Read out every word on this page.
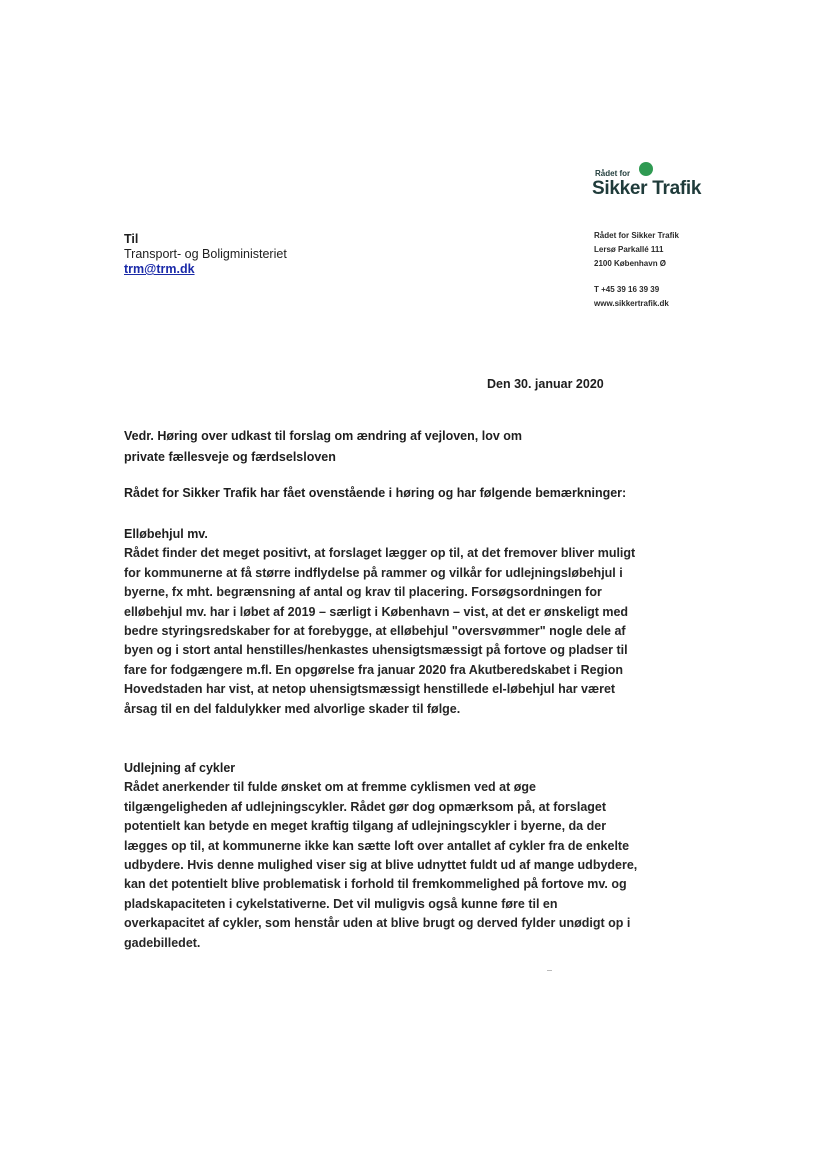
Rådet for
Sikker Trafik
Til
Transport- og Boligministeriet
trm@trm.dk
Rådet for Sikker Trafik
Lersø Parkallé 111
2100 København Ø
T +45 39 16 39 39
www.sikkertrafik.dk
Den 30. januar 2020
Vedr. Høring over udkast til forslag om ændring af vejloven, lov om
private fællesveje og færdselsloven
Rådet for Sikker Trafik har fået ovenstående i høring og har følgende bemærkninger:
Elløbehjul mv.
Rådet finder det meget positivt, at forslaget lægger op til, at det fremover bliver muligt
for kommunerne at få større indflydelse på rammer og vilkår for udlejningsløbehjul i
byerne, fx mht. begrænsning af antal og krav til placering. Forsøgsordningen for
elløbehjul mv. har i løbet af 2019 – særligt i København – vist, at det er ønskeligt med
bedre styringsredskaber for at forebygge, at elløbehjul "oversvømmer" nogle dele af
byen og i stort antal henstilles/henkastes uhensigtsmæssigt på fortove og pladser til
fare for fodgængere m.fl. En opgørelse fra januar 2020 fra Akutberedskabet i Region
Hovedstaden har vist, at netop uhensigtsmæssigt henstillede el-løbehjul har været
årsag til en del faldulykker med alvorlige skader til følge.
Udlejning af cykler
Rådet anerkender til fulde ønsket om at fremme cyklismen ved at øge
tilgængeligheden af udlejningscykler. Rådet gør dog opmærksom på, at forslaget
potentielt kan betyde en meget kraftig tilgang af udlejningscykler i byerne, da der
lægges op til, at kommunerne ikke kan sætte loft over antallet af cykler fra de enkelte
udbydere. Hvis denne mulighed viser sig at blive udnyttet fuldt ud af mange udbydere,
kan det potentielt blive problematisk i forhold til fremkommelighed på fortove mv. og
pladskapaciteten i cykelstativerne. Det vil muligvis også kunne føre til en
overkapacitet af cykler, som henstår uden at blive brugt og derved fylder unødigt op i
gadebilledet.
